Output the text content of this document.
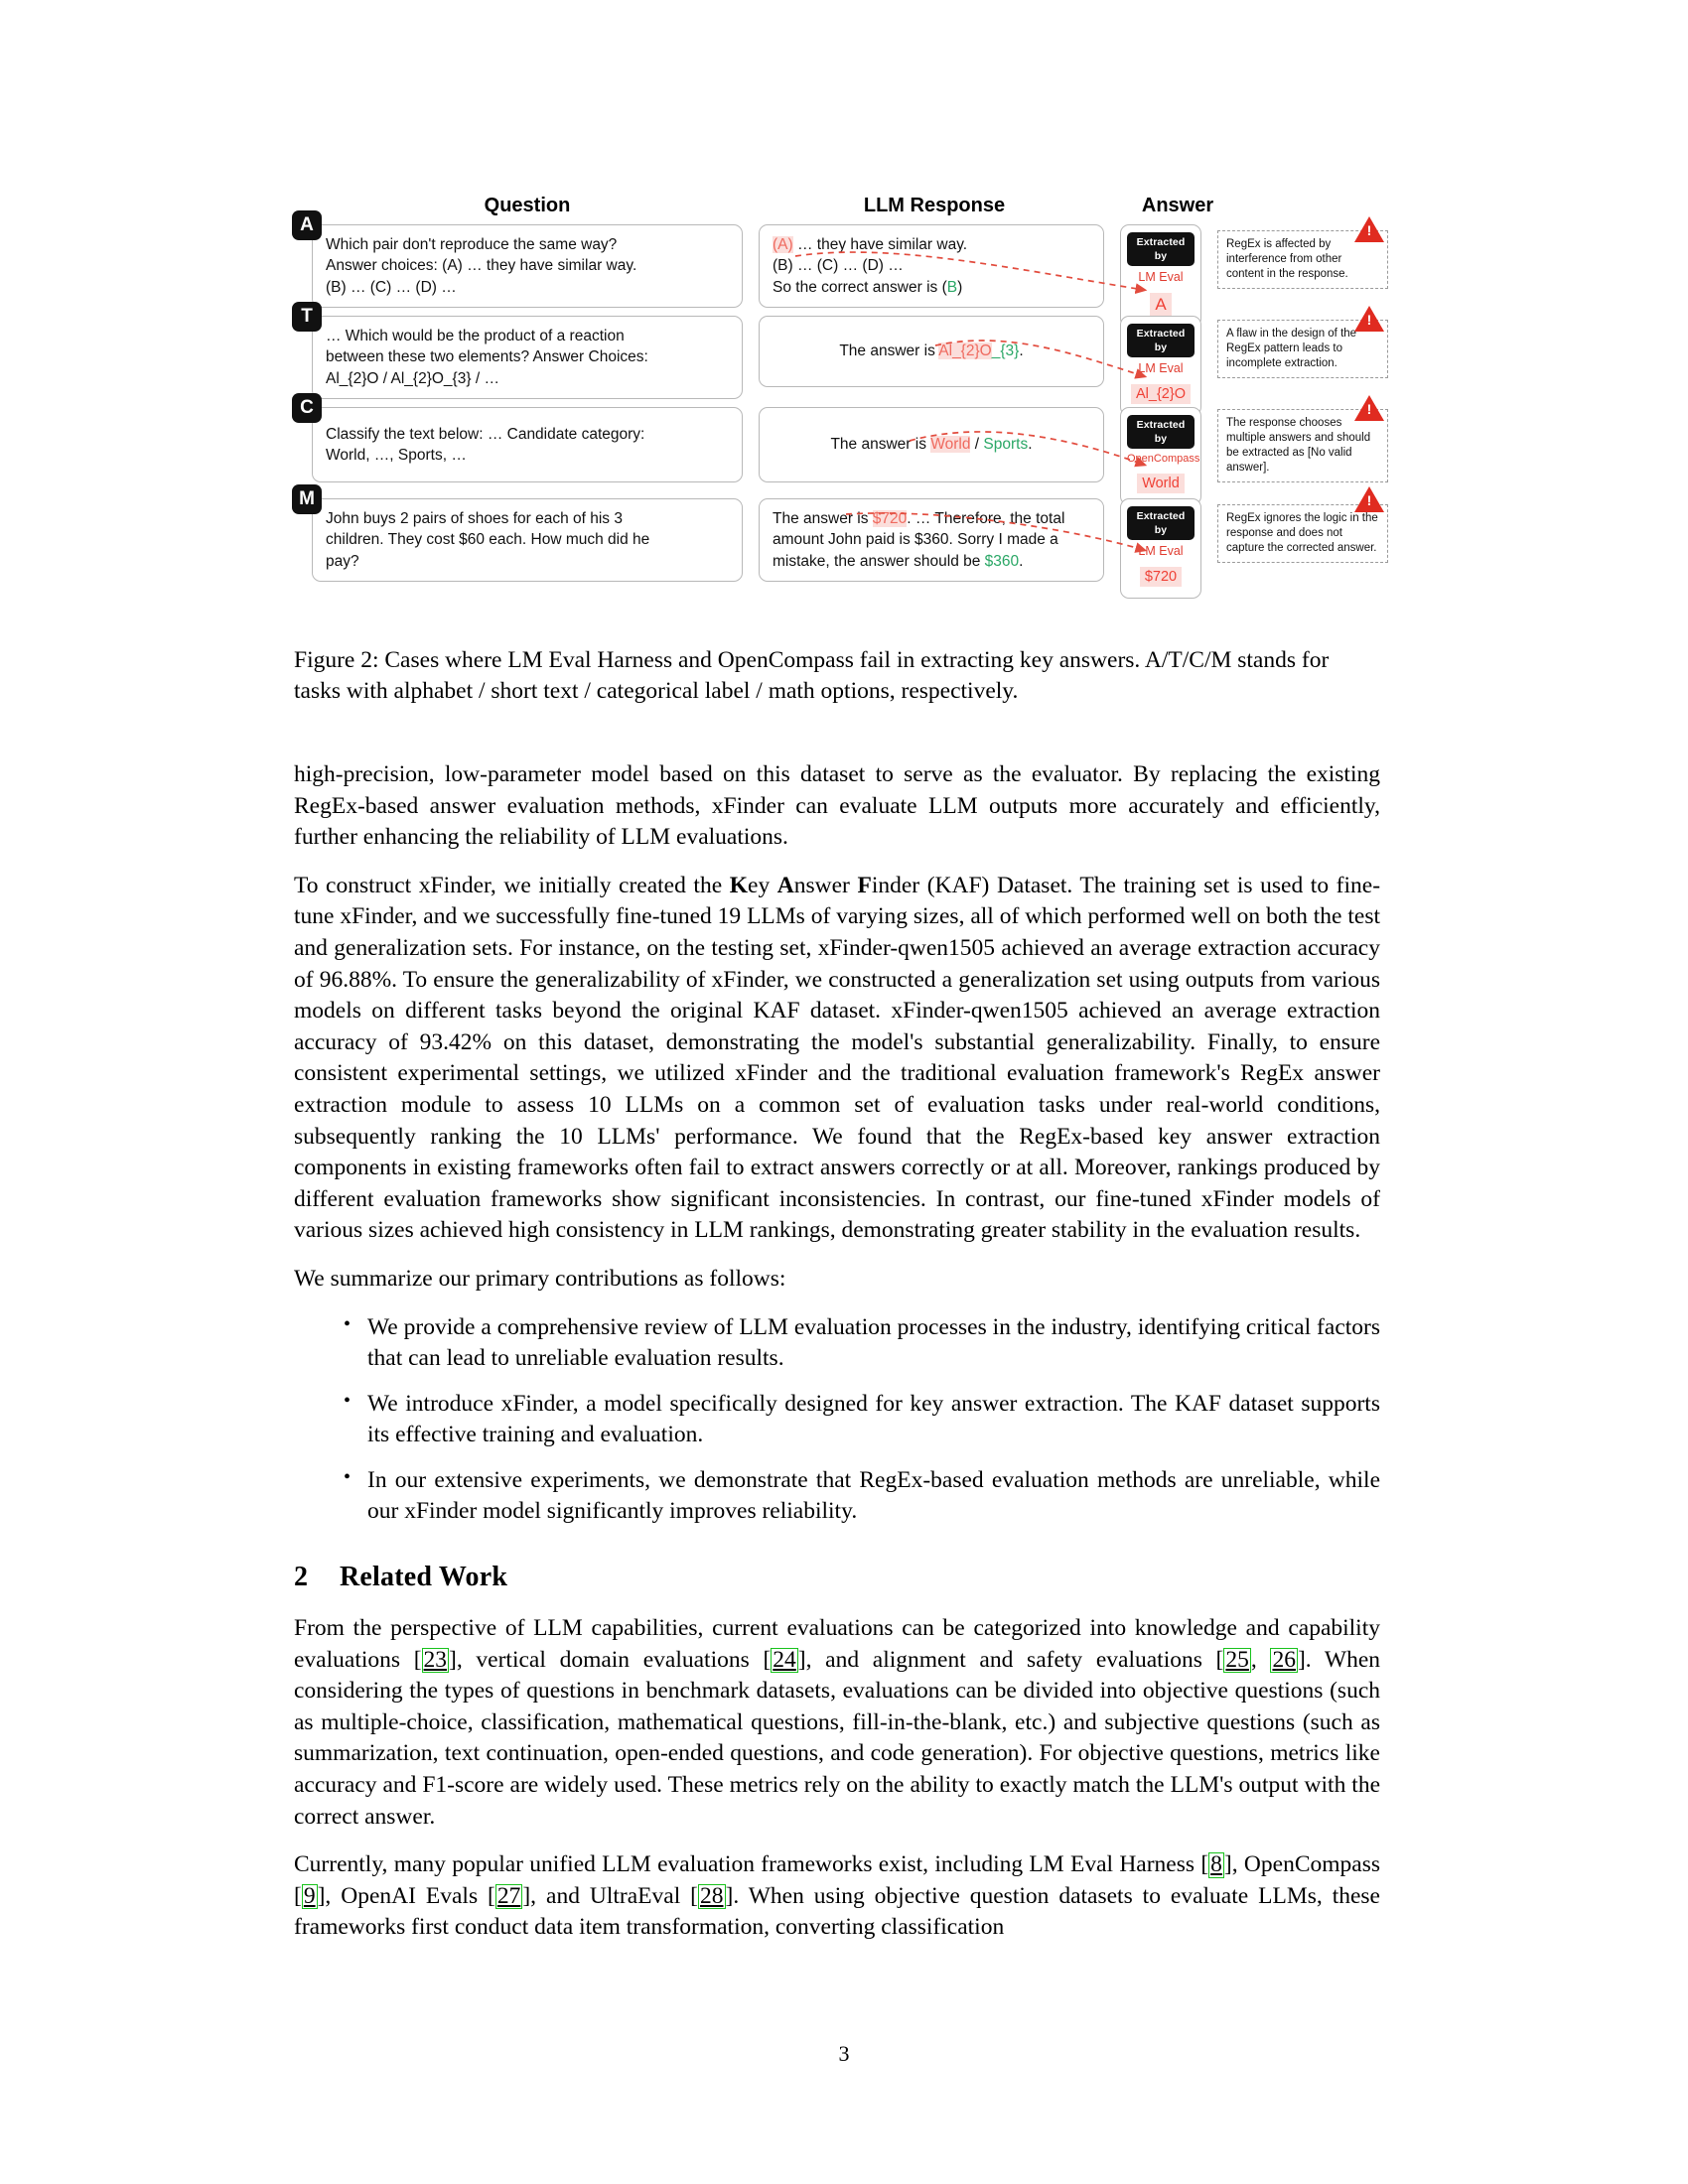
Question	LLM Response	Answer
A
Which pair don't reproduce the same way?
Answer choices: (A) … they have similar way.
(B) … (C) … (D) …
(A) … they have similar way.
(B) … (C) … (D) …
So the correct answer is (B)
Extracted by
LM Eval
A
RegEx is affected by interference from other content in the response.
!
T
… Which would be the product of a reaction
between these two elements? Answer Choices:
Al_{2}O / Al_{2}O_{3} / …
The answer is Al_{2}O_{3}.
Extracted by
LM Eval
Al_{2}O
A flaw in the design of the RegEx pattern leads to incomplete extraction.
!
C
Classify the text below: … Candidate category:
World, …, Sports, …
The answer is World / Sports.
Extracted by
OpenCompass
World
The response chooses multiple answers and should be extracted as [No valid answer].
!
M
John buys 2 pairs of shoes for each of his 3
children. They cost $60 each. How much did he
pay?
The answer is $720. … Therefore, the total amount John paid is $360. Sorry I made a mistake, the answer should be $360.
Extracted by
LM Eval
$720
RegEx ignores the logic in the response and does not capture the corrected answer.
!
Figure 2: Cases where LM Eval Harness and OpenCompass fail in extracting key answers. A/T/C/M stands for tasks with alphabet / short text / categorical label / math options, respectively.

high-precision, low-parameter model based on this dataset to serve as the evaluator. By replacing the existing RegEx-based answer evaluation methods, xFinder can evaluate LLM outputs more accurately and efficiently, further enhancing the reliability of LLM evaluations.

To construct xFinder, we initially created the Key Answer Finder (KAF) Dataset. The training set is used to fine-tune xFinder, and we successfully fine-tuned 19 LLMs of varying sizes, all of which performed well on both the test and generalization sets. For instance, on the testing set, xFinder-qwen1505 achieved an average extraction accuracy of 96.88%. To ensure the generalizability of xFinder, we constructed a generalization set using outputs from various models on different tasks beyond the original KAF dataset. xFinder-qwen1505 achieved an average extraction accuracy of 93.42% on this dataset, demonstrating the model's substantial generalizability. Finally, to ensure consistent experimental settings, we utilized xFinder and the traditional evaluation framework's RegEx answer extraction module to assess 10 LLMs on a common set of evaluation tasks under real-world conditions, subsequently ranking the 10 LLMs' performance. We found that the RegEx-based key answer extraction components in existing frameworks often fail to extract answers correctly or at all. Moreover, rankings produced by different evaluation frameworks show significant inconsistencies. In contrast, our fine-tuned xFinder models of various sizes achieved high consistency in LLM rankings, demonstrating greater stability in the evaluation results.

We summarize our primary contributions as follows:

• We provide a comprehensive review of LLM evaluation processes in the industry, identifying critical factors that can lead to unreliable evaluation results.
• We introduce xFinder, a model specifically designed for key answer extraction. The KAF dataset supports its effective training and evaluation.
• In our extensive experiments, we demonstrate that RegEx-based evaluation methods are unreliable, while our xFinder model significantly improves reliability.
2 Related Work

From the perspective of LLM capabilities, current evaluations can be categorized into knowledge and capability evaluations [23], vertical domain evaluations [24], and alignment and safety evaluations [25, 26]. When considering the types of questions in benchmark datasets, evaluations can be divided into objective questions (such as multiple-choice, classification, mathematical questions, fill-in-the-blank, etc.) and subjective questions (such as summarization, text continuation, open-ended questions, and code generation). For objective questions, metrics like accuracy and F1-score are widely used. These metrics rely on the ability to exactly match the LLM's output with the correct answer.

Currently, many popular unified LLM evaluation frameworks exist, including LM Eval Harness [8], OpenCompass [9], OpenAI Evals [27], and UltraEval [28]. When using objective question datasets to evaluate LLMs, these frameworks first conduct data item transformation, converting classification

3
